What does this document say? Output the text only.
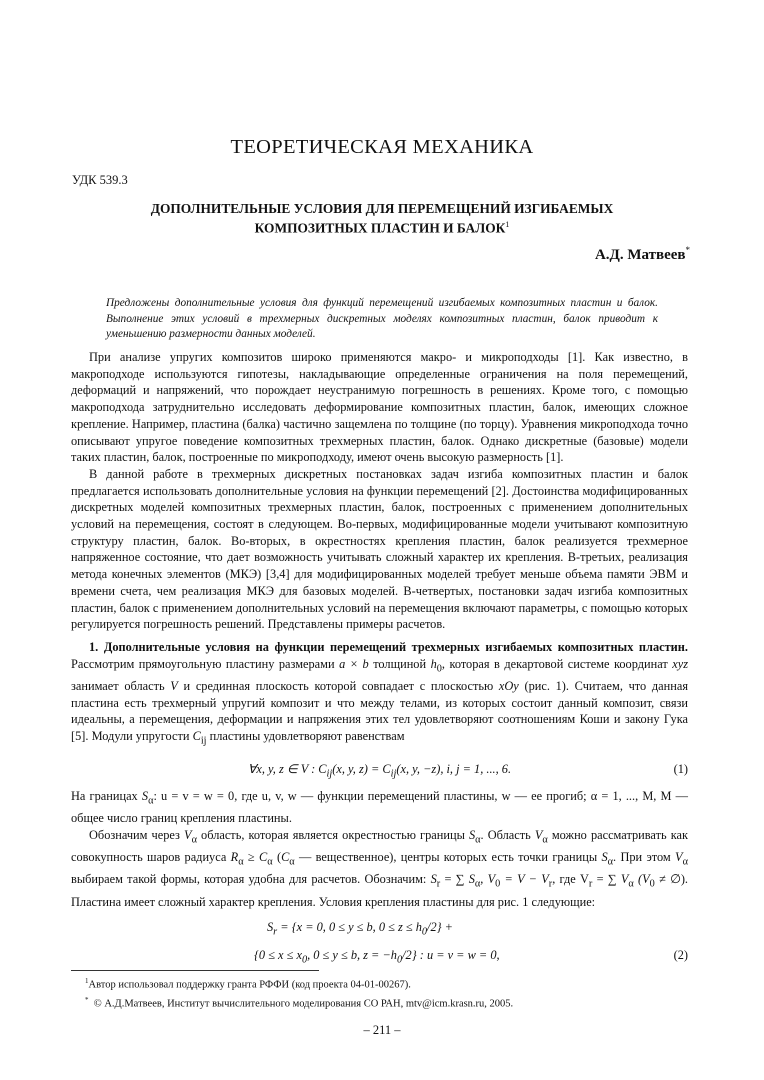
ТЕОРЕТИЧЕСКАЯ МЕХАНИКА
УДК 539.3
ДОПОЛНИТЕЛЬНЫЕ УСЛОВИЯ ДЛЯ ПЕРЕМЕЩЕНИЙ ИЗГИБАЕМЫХ
КОМПОЗИТНЫХ ПЛАСТИН И БАЛОК$^1$
А.Д. Матвеев*
Предложены дополнительные условия для функций перемещений изгибаемых композитных пластин и балок. Выполнение этих условий в трехмерных дискретных моделях композитных пластин, балок приводит к уменьшению размерности данных моделей.

При анализе упругих композитов широко применяются макро- и микроподходы [1]. Как известно, в макроподходе используются гипотезы, накладывающие определенные ограничения на поля перемещений, деформаций и напряжений, что порождает неустранимую погрешность в решениях. Кроме того, с помощью макроподхода затруднительно исследовать деформирование композитных пластин, балок, имеющих сложное крепление. Например, пластина (балка) частично защемлена по толщине (по торцу). Уравнения микроподхода точно описывают упругое поведение композитных трехмерных пластин, балок. Однако дискретные (базовые) модели таких пластин, балок, построенные по микроподходу, имеют очень высокую размерность [1].

В данной работе в трехмерных дискретных постановках задач изгиба композитных пластин и балок предлагается использовать дополнительные условия на функции перемещений [2]. Достоинства модифицированных дискретных моделей композитных трехмерных пластин, балок, построенных с применением дополнительных условий на перемещения, состоят в следующем. Во-первых, модифицированные модели учитывают композитную структуру пластин, балок. Во-вторых, в окрестностях крепления пластин, балок реализуется трехмерное напряженное состояние, что дает возможность учитывать сложный характер их крепления. В-третьих, реализация метода конечных элементов (МКЭ) [3,4] для модифицированных моделей требует меньше объема памяти ЭВМ и времени счета, чем реализация МКЭ для базовых моделей. В-четвертых, постановки задач изгиба композитных пластин, балок с применением дополнительных условий на перемещения включают параметры, с помощью которых регулируется погрешность решений. Представлены примеры расчетов.

1. Дополнительные условия на функции перемещений трехмерных изгибаемых композитных пластин. Рассмотрим прямоугольную пластину размерами a × b толщиной $h_0$, которая в декартовой системе координат xyz занимает область V и срединная плоскость которой совпадает с плоскостью xOy (рис. 1). Считаем, что данная пластина есть трехмерный упругий композит и что между телами, из которых состоит данный композит, связи идеальны, а перемещения, деформации и напряжения этих тел удовлетворяют соотношениям Коши и закону Гука [5]. Модули упругости $C_{ij}$ пластины удовлетворяют равенствам

∀x, y, z ∈ V : $C_{ij}(x$, y, $z) = C_{ij}(x$, y, −z), i, j = 1, ..., 6.	(1)

На границах $S_\alpha$: u = v = w = 0, где u, v, w — функции перемещений пластины, w — ее прогиб; α = 1, ..., M, M — общее число границ крепления пластины.

Обозначим через $V_\alpha$ область, которая является окрестностью границы $S_\alpha$. Область $V_\alpha$ можно рассматривать как совокупность шаров радиуса $R_\alpha \ge C_\alpha$ ($C_\alpha$ — вещественное), центры которых есть точки границы $S_\alpha$. При этом $V_\alpha$ выбираем такой формы, которая удобна для расчетов. Обозначим: $S_r$ = ∑ $S_\alpha$, $V_0 = V - V_r$, где $V_r$ = ∑ $V_\alpha$ ($V_0$ ≠ ∅). Пластина имеет сложный характер крепления. Условия крепления пластины для рис. 1 следующие:

$S_r = \{x = 0$, 0 ≤ y ≤ b, $0 \le z \le h_0/2$} +
{$0 \le x \le x_0$, 0 ≤ y ≤ b, $z = -h_0/2$} : u = v = w = 0,	(2)
$^1$Автор использовал поддержку гранта РФФИ (код проекта 04-01-00267).
* © А.Д.Матвеев, Институт вычислительного моделирования СО РАН, mtv@icm.krasn.ru, 2005.
– 211 –
